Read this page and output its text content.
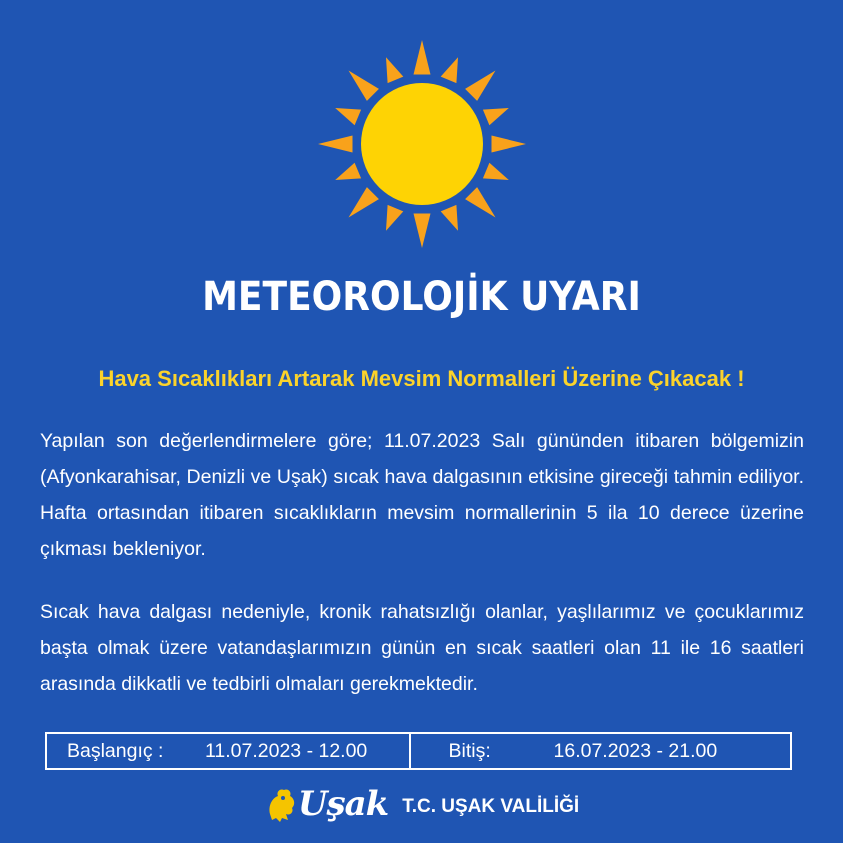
METEOROLOJİK UYARI
Hava Sıcaklıkları Artarak Mevsim Normalleri Üzerine Çıkacak !
Yapılan son değerlendirmelere göre; 11.07.2023 Salı gününden itibaren bölgemizin (Afyonkarahisar, Denizli ve Uşak) sıcak hava dalgasının etkisine gireceği tahmin ediliyor. Hafta ortasından itibaren sıcaklıkların mevsim normallerinin 5 ila 10 derece üzerine çıkması bekleniyor.
Sıcak hava dalgası nedeniyle, kronik rahatsızlığı olanlar, yaşlılarımız ve çocuklarımız başta olmak üzere vatandaşlarımızın günün en sıcak saatleri olan 11 ile 16 saatleri arasında dikkatli ve tedbirli olmaları gerekmektedir.
Başlangıç :	11.07.2023 - 12.00	Bitiş:	16.07.2023 - 21.00
Uşak T.C. UŞAK VALİLİĞİ
